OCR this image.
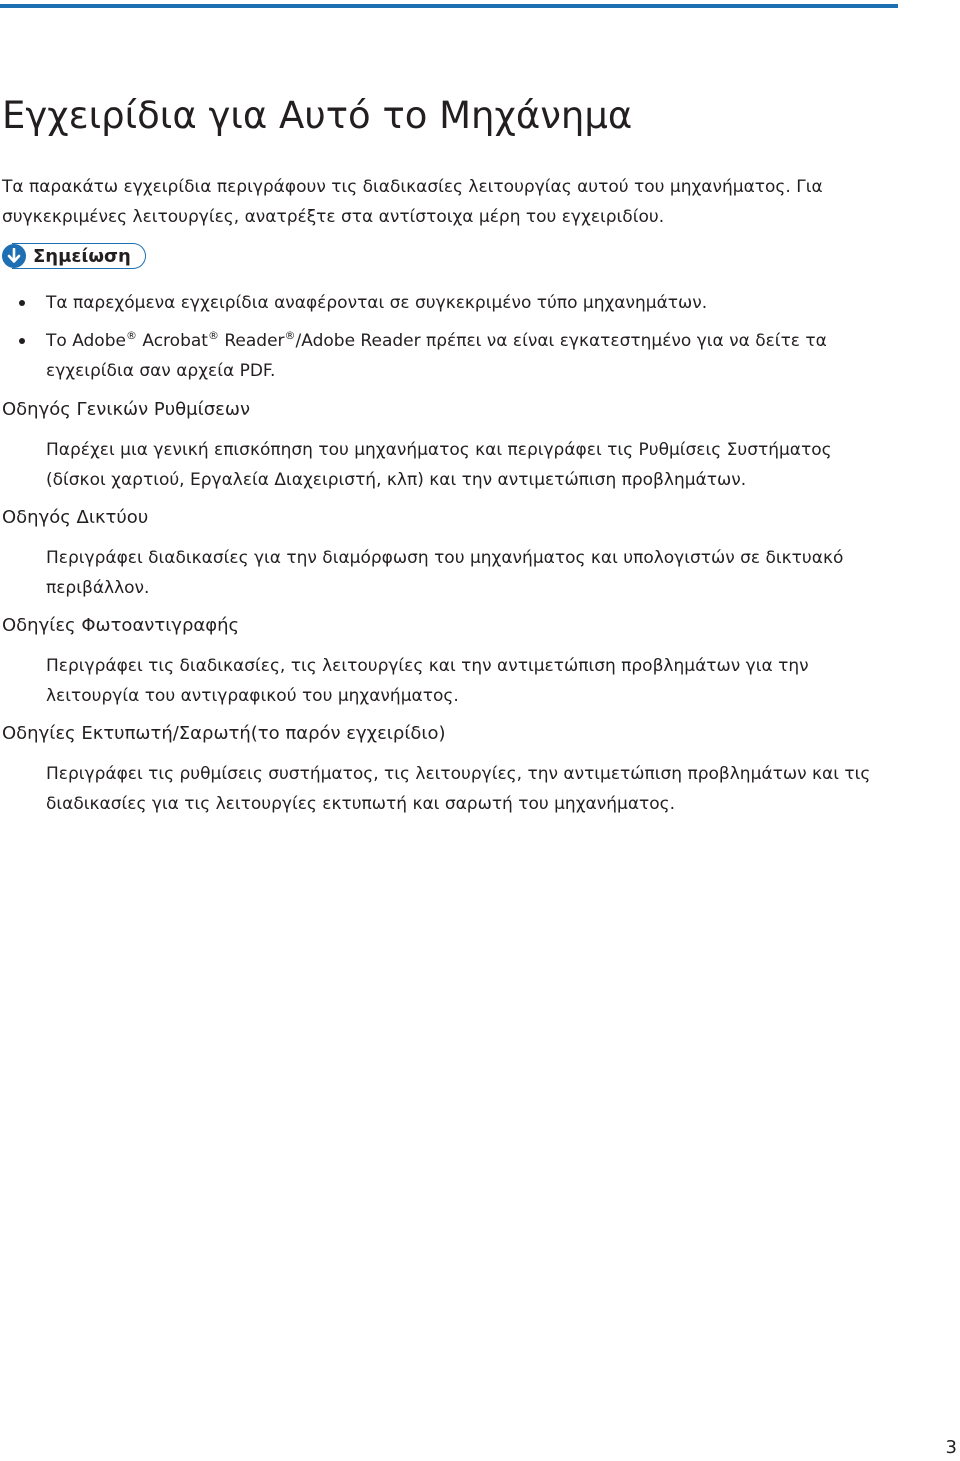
Εγχειρίδια για Αυτό το Μηχάνημα

Τα παρακάτω εγχειρίδια περιγράφουν τις διαδικασίες λειτουργίας αυτού του μηχανήματος. Για συγκεκριμένες λειτουργίες, ανατρέξτε στα αντίστοιχα μέρη του εγχειριδίου.

Σημείωση
Τα παρεχόμενα εγχειρίδια αναφέρονται σε συγκεκριμένο τύπο μηχανημάτων.
Το Adobe® Acrobat® Reader®/Adobe Reader πρέπει να είναι εγκατεστημένο για να δείτε τα εγχειρίδια σαν αρχεία PDF.
Οδηγός Γενικών Ρυθμίσεων

Παρέχει μια γενική επισκόπηση του μηχανήματος και περιγράφει τις Ρυθμίσεις Συστήματος (δίσκοι χαρτιού, Εργαλεία Διαχειριστή, κλπ) και την αντιμετώπιση προβλημάτων.

Οδηγός Δικτύου

Περιγράφει διαδικασίες για την διαμόρφωση του μηχανήματος και υπολογιστών σε δικτυακό περιβάλλον.

Οδηγίες Φωτοαντιγραφής

Περιγράφει τις διαδικασίες, τις λειτουργίες και την αντιμετώπιση προβλημάτων για την λειτουργία του αντιγραφικού του μηχανήματος.

Οδηγίες Εκτυπωτή/Σαρωτή(το παρόν εγχειρίδιο)

Περιγράφει τις ρυθμίσεις συστήματος, τις λειτουργίες, την αντιμετώπιση προβλημάτων και τις διαδικασίες για τις λειτουργίες εκτυπωτή και σαρωτή του μηχανήματος.

3
